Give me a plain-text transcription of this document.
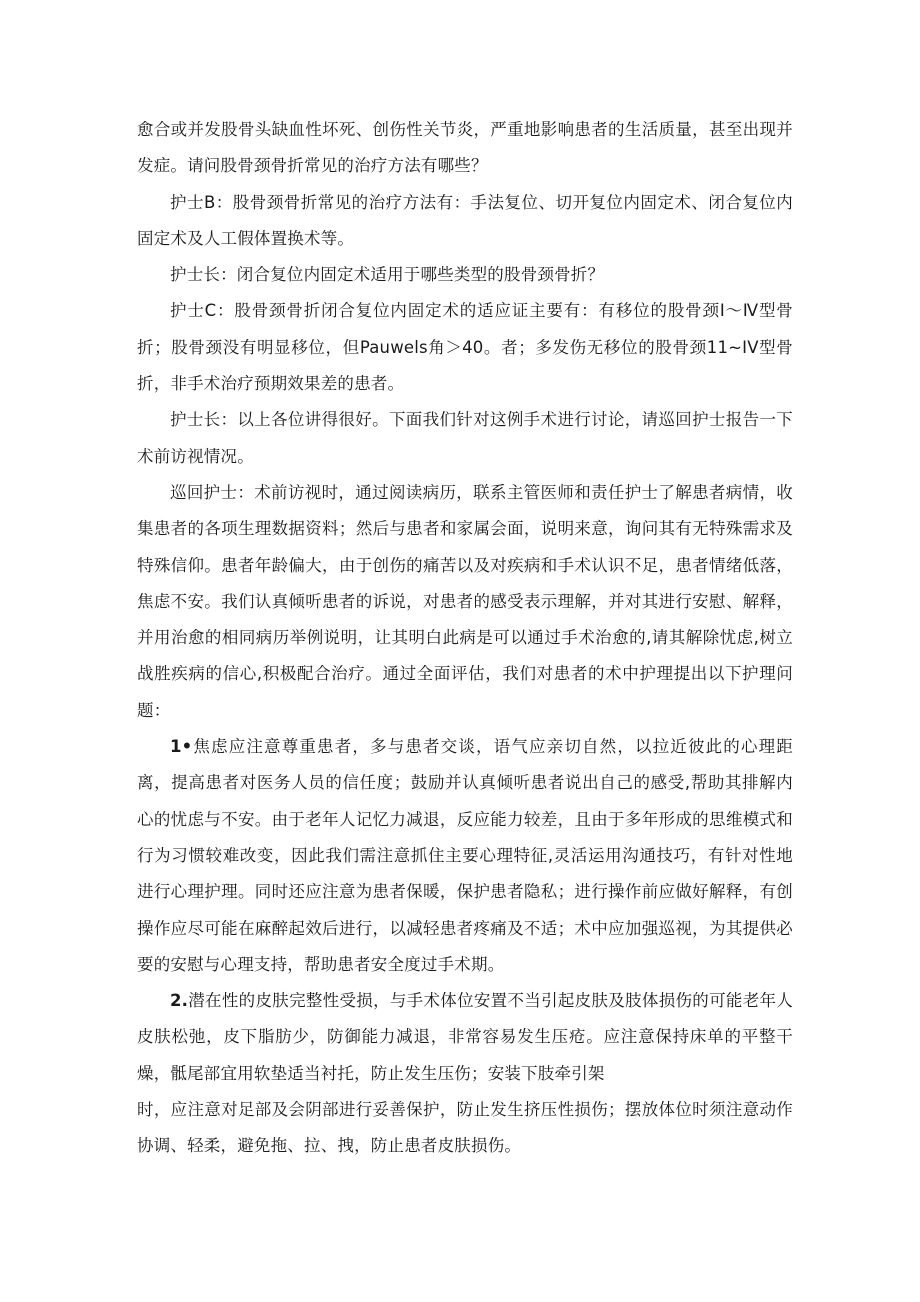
愈合或并发股骨头缺血性坏死、创伤性关节炎，严重地影响患者的生活质量，甚至出现并发症。请问股骨颈骨折常见的治疗方法有哪些？

护士B：股骨颈骨折常见的治疗方法有：手法复位、切开复位内固定术、闭合复位内固定术及人工假体置换术等。

护士长：闭合复位内固定术适用于哪些类型的股骨颈骨折？

护士C：股骨颈骨折闭合复位内固定术的适应证主要有：有移位的股骨颈Ⅰ～Ⅳ型骨折；股骨颈没有明显移位，但Pauwels角＞40。者；多发伤无移位的股骨颈11~IV型骨折，非手术治疗预期效果差的患者。

护士长：以上各位讲得很好。下面我们针对这例手术进行讨论，请巡回护士报告一下术前访视情况。

巡回护士：术前访视时，通过阅读病历，联系主管医师和责任护士了解患者病情，收集患者的各项生理数据资料；然后与患者和家属会面，说明来意，询问其有无特殊需求及特殊信仰。患者年龄偏大，由于创伤的痛苦以及对疾病和手术认识不足，患者情绪低落，焦虑不安。我们认真倾听患者的诉说，对患者的感受表示理解，并对其进行安慰、解释，并用治愈的相同病历举例说明，让其明白此病是可以通过手术治愈的,请其解除忧虑,树立战胜疾病的信心,积极配合治疗。通过全面评估，我们对患者的术中护理提出以下护理问题：

1•焦虑应注意尊重患者，多与患者交谈，语气应亲切自然，以拉近彼此的心理距离，提高患者对医务人员的信任度；鼓励并认真倾听患者说出自己的感受,帮助其排解内心的忧虑与不安。由于老年人记忆力减退，反应能力较差，且由于多年形成的思维模式和行为习惯较难改变，因此我们需注意抓住主要心理特征,灵活运用沟通技巧，有针对性地进行心理护理。同时还应注意为患者保暖，保护患者隐私；进行操作前应做好解释，有创操作应尽可能在麻醉起效后进行，以减轻患者疼痛及不适；术中应加强巡视，为其提供必要的安慰与心理支持，帮助患者安全度过手术期。

2.潜在性的皮肤完整性受损，与手术体位安置不当引起皮肤及肢体损伤的可能老年人皮肤松弛，皮下脂肪少，防御能力减退，非常容易发生压疮。应注意保持床单的平整干燥，骶尾部宜用软垫适当衬托，防止发生压伤；安装下肢牵引架

时，应注意对足部及会阴部进行妥善保护，防止发生挤压性损伤；摆放体位时须注意动作协调、轻柔，避免拖、拉、拽，防止患者皮肤损伤。
